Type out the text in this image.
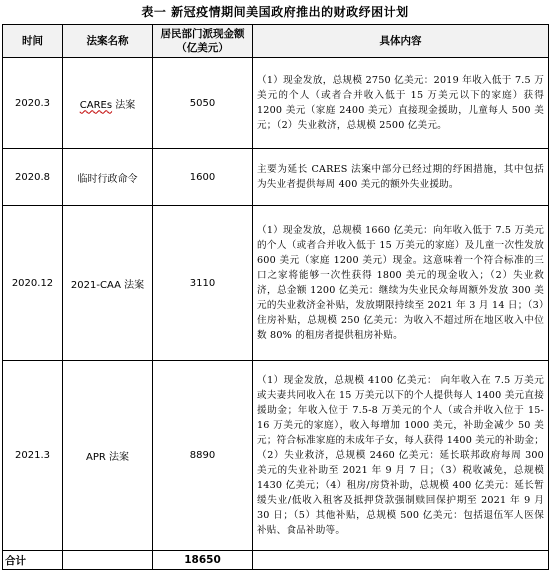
表一 新冠疫情期间美国政府推出的财政纾困计划
时间	法案名称	居民部门派现金额（亿美元）	具体内容
2020.3	CAREs 法案	5050	（1）现金发放，总规模 2750 亿美元：2019 年收入低于 7.5 万美元的个人（或者合并收入低于 15 万美元以下的家庭）获得 1200 美元（家庭 2400 美元）直接现金援助，儿童每人 500 美元；（2）失业救济，总规模 2500 亿美元。
2020.8	临时行政命令	1600	主要为延长 CARES 法案中部分已经过期的纾困措施，其中包括为失业者提供每周 400 美元的额外失业援助。
2020.12	2021-CAA 法案	3110	（1）现金发放，总规模 1660 亿美元：向年收入低于 7.5 万美元的个人（或者合并收入低于 15 万美元的家庭）及儿童一次性发放 600 美元（家庭 1200 美元）现金。这意味着一个符合标准的三口之家将能够一次性获得 1800 美元的现金收入；（2）失业救济，总金额 1200 亿美元：继续为失业民众每周额外发放 300 美元的失业救济金补贴，发放期限持续至 2021 年 3 月 14 日；（3）住房补贴，总规模 250 亿美元：为收入不超过所在地区收入中位数 80% 的租房者提供租房补贴。
2021.3	APR 法案	8890	（1）现金发放，总规模 4100 亿美元： 向年收入在 7.5 万美元或夫妻共同收入在 15 万美元以下的个人提供每人 1400 美元直接援助金；年收入位于 7.5-8 万美元的个人（或合并收入位于 15-16 万美元的家庭），收入每增加 1000 美元，补助金减少 50 美元；符合标准家庭的未成年子女，每人获得 1400 美元的补助金；（2）失业救济，总规模 2460 亿美元：延长联邦政府每周 300 美元的失业补助至 2021 年 9 月 7 日；（3）税收减免，总规模 1430 亿美元；（4）租房/房贷补助，总规模 400 亿美元：延长暂缓失业/低收入租客及抵押贷款强制赎回保护期至 2021 年 9 月 30 日；（5）其他补贴，总规模 500 亿美元：包括退伍军人医保补贴、食品补助等。
合计		18650	
